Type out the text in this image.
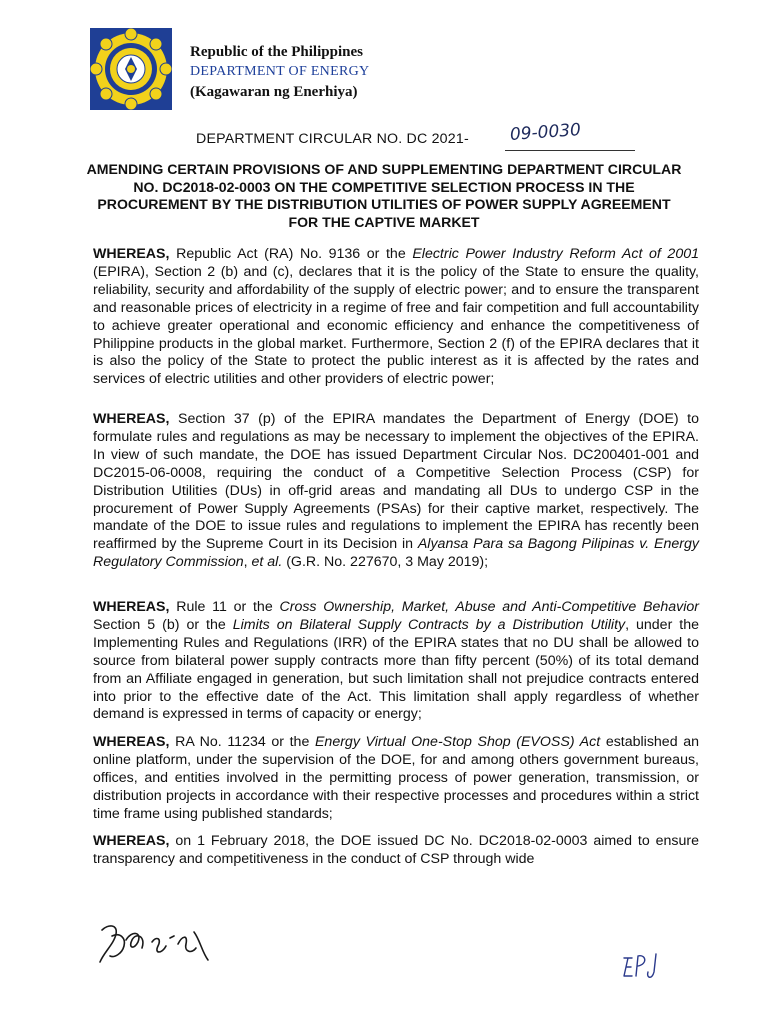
Republic of the Philippines
DEPARTMENT OF ENERGY
(Kagawaran ng Enerhiya)
DEPARTMENT CIRCULAR NO. DC 2021- 09-0030
AMENDING CERTAIN PROVISIONS OF AND SUPPLEMENTING DEPARTMENT CIRCULAR NO. DC2018-02-0003 ON THE COMPETITIVE SELECTION PROCESS IN THE PROCUREMENT BY THE DISTRIBUTION UTILITIES OF POWER SUPPLY AGREEMENT FOR THE CAPTIVE MARKET
WHEREAS, Republic Act (RA) No. 9136 or the Electric Power Industry Reform Act of 2001 (EPIRA), Section 2 (b) and (c), declares that it is the policy of the State to ensure the quality, reliability, security and affordability of the supply of electric power; and to ensure the transparent and reasonable prices of electricity in a regime of free and fair competition and full accountability to achieve greater operational and economic efficiency and enhance the competitiveness of Philippine products in the global market. Furthermore, Section 2 (f) of the EPIRA declares that it is also the policy of the State to protect the public interest as it is affected by the rates and services of electric utilities and other providers of electric power;
WHEREAS, Section 37 (p) of the EPIRA mandates the Department of Energy (DOE) to formulate rules and regulations as may be necessary to implement the objectives of the EPIRA. In view of such mandate, the DOE has issued Department Circular Nos. DC200401-001 and DC2015-06-0008, requiring the conduct of a Competitive Selection Process (CSP) for Distribution Utilities (DUs) in off-grid areas and mandating all DUs to undergo CSP in the procurement of Power Supply Agreements (PSAs) for their captive market, respectively. The mandate of the DOE to issue rules and regulations to implement the EPIRA has recently been reaffirmed by the Supreme Court in its Decision in Alyansa Para sa Bagong Pilipinas v. Energy Regulatory Commission, et al. (G.R. No. 227670, 3 May 2019);
WHEREAS, Rule 11 or the Cross Ownership, Market, Abuse and Anti-Competitive Behavior Section 5 (b) or the Limits on Bilateral Supply Contracts by a Distribution Utility, under the Implementing Rules and Regulations (IRR) of the EPIRA states that no DU shall be allowed to source from bilateral power supply contracts more than fifty percent (50%) of its total demand from an Affiliate engaged in generation, but such limitation shall not prejudice contracts entered into prior to the effective date of the Act. This limitation shall apply regardless of whether demand is expressed in terms of capacity or energy;
WHEREAS, RA No. 11234 or the Energy Virtual One-Stop Shop (EVOSS) Act established an online platform, under the supervision of the DOE, for and among others government bureaus, offices, and entities involved in the permitting process of power generation, transmission, or distribution projects in accordance with their respective processes and procedures within a strict time frame using published standards;
WHEREAS, on 1 February 2018, the DOE issued DC No. DC2018-02-0003 aimed to ensure transparency and competitiveness in the conduct of CSP through wide
